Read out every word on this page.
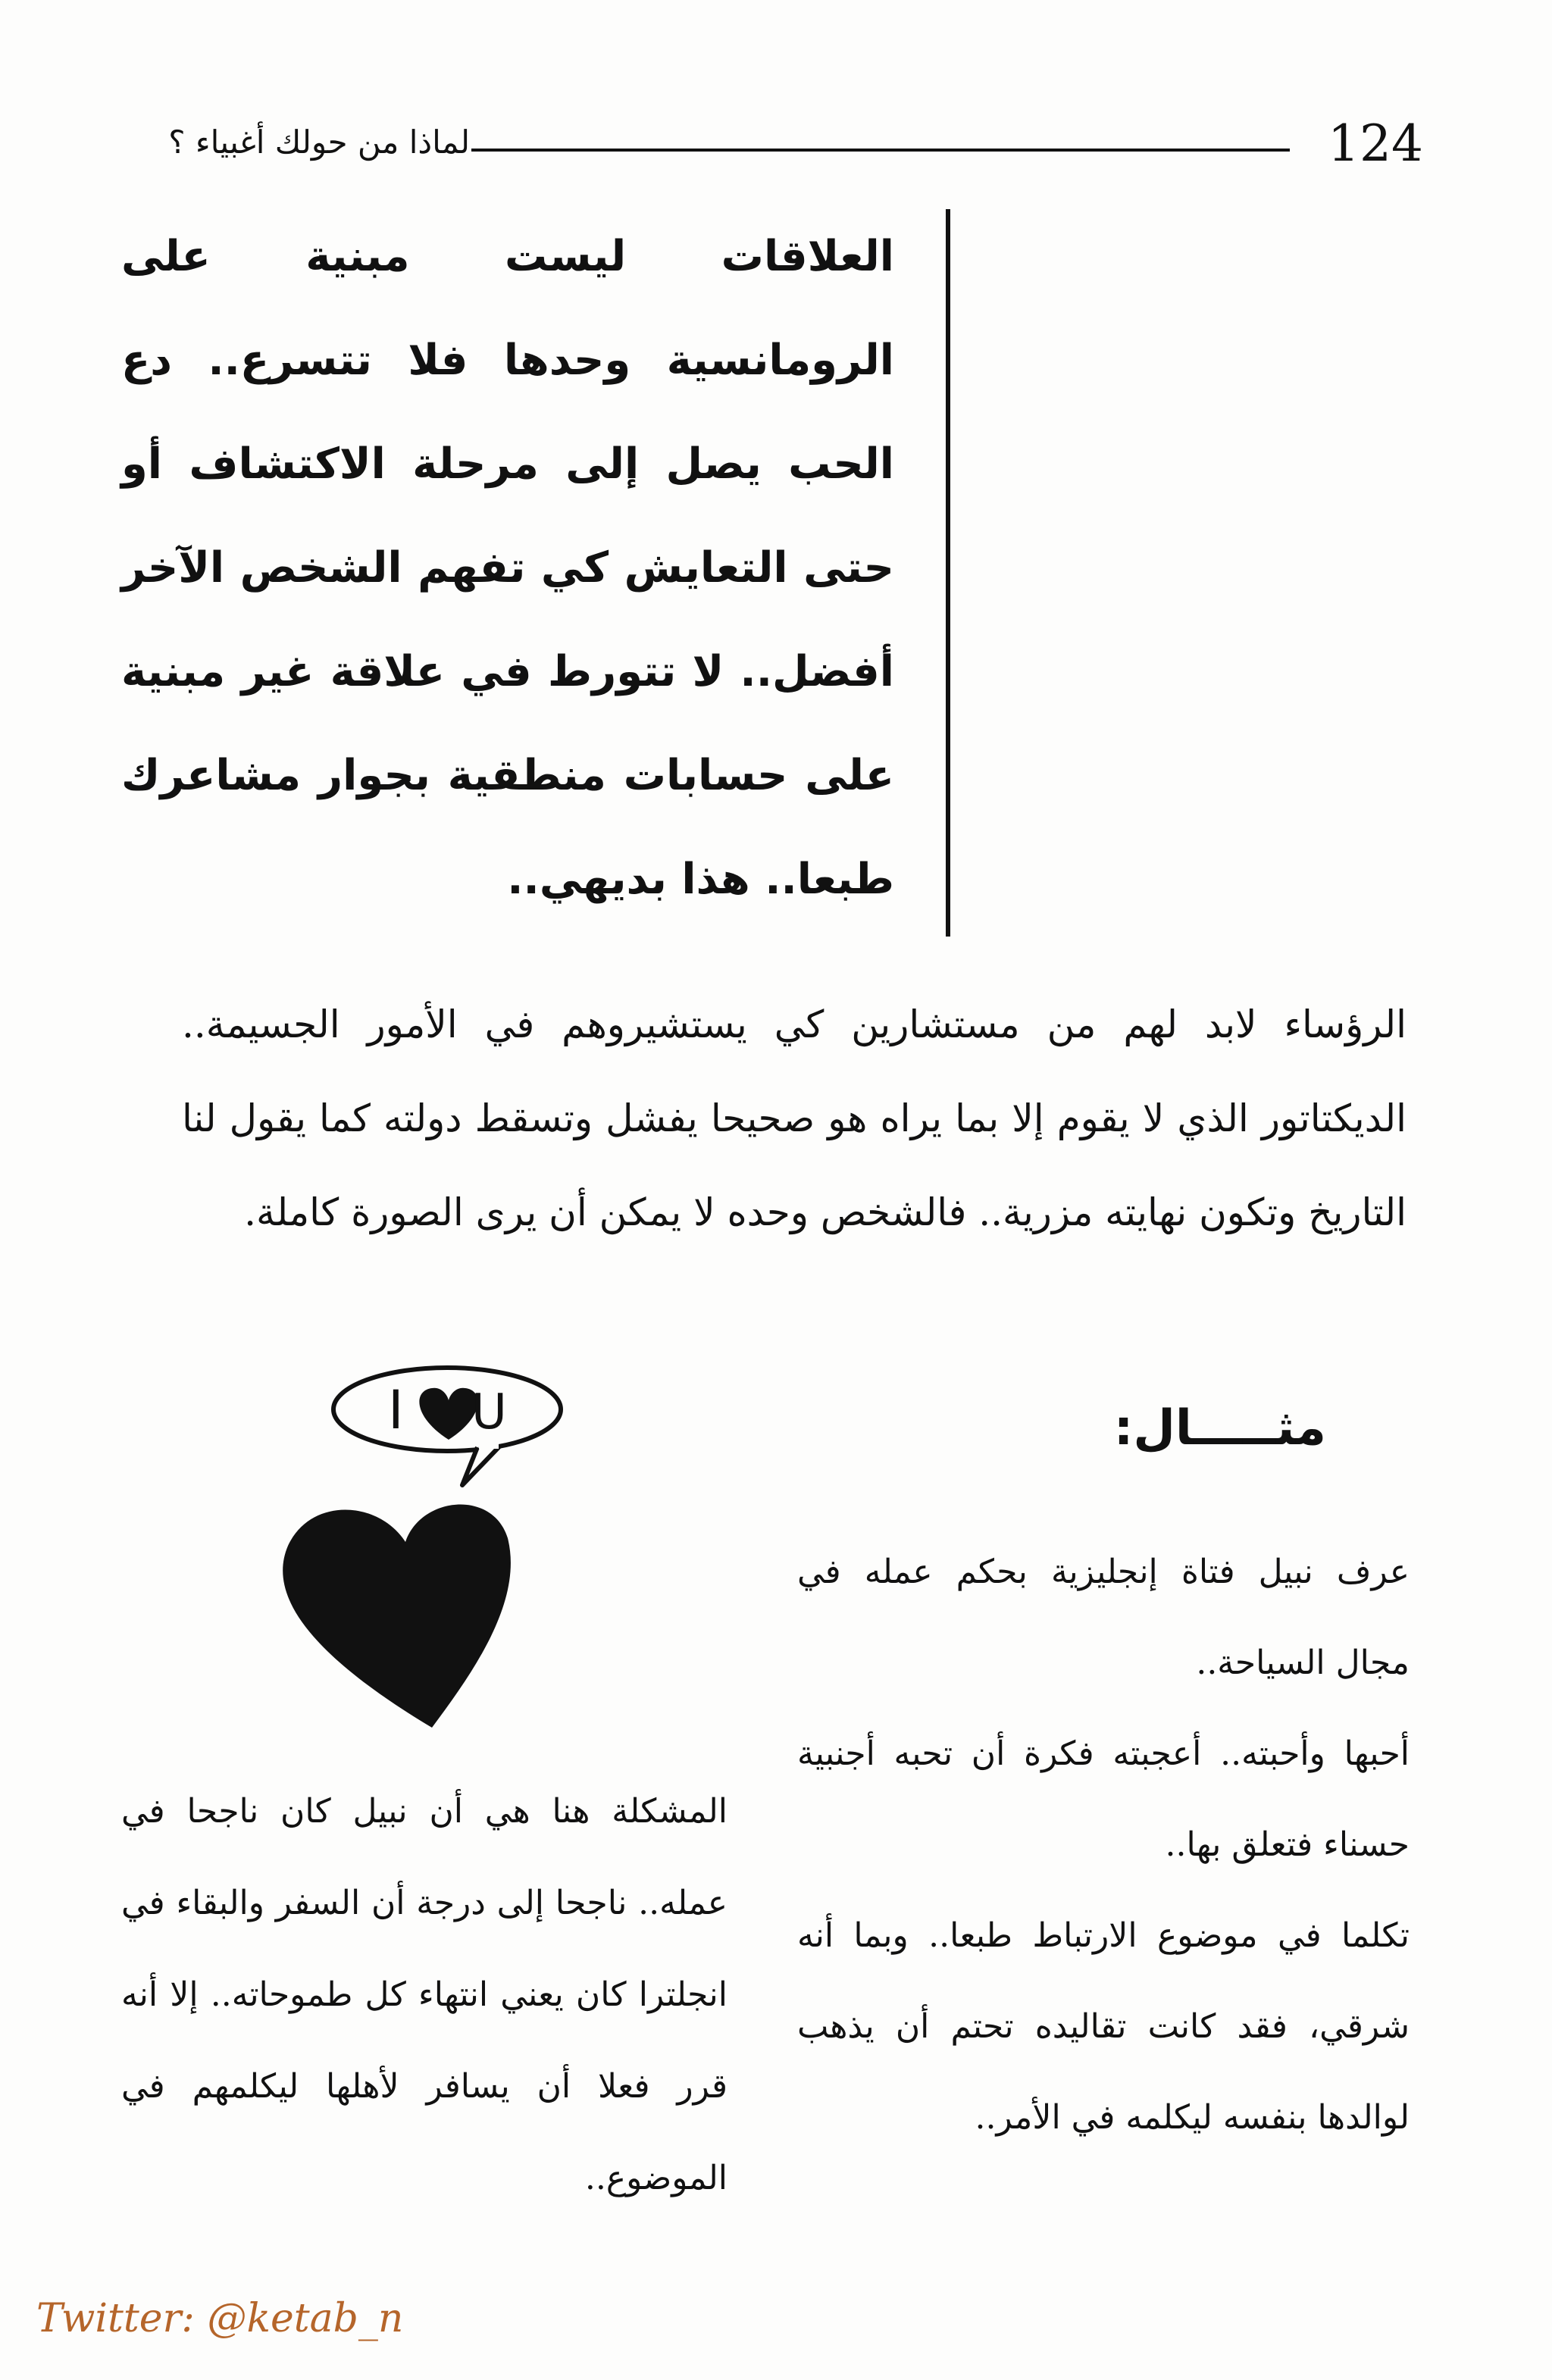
124
لماذا من حولك أغبياء ؟
العلاقات ليست مبنية على الرومانسية وحدها فلا تتسرع.. دع الحب يصل إلى مرحلة الاكتشاف أو حتى التعايش كي تفهم الشخص الآخر أفضل.. لا تتورط في علاقة غير مبنية على حسابات منطقية بجوار مشاعرك طبعا.. هذا بديهي..
الرؤساء لابد لهم من مستشارين كي يستشيروهم في الأمور الجسيمة.. الديكتاتور الذي لا يقوم إلا بما يراه هو صحيحا يفشل وتسقط دولته كما يقول لنا التاريخ وتكون نهايته مزرية.. فالشخص وحده لا يمكن أن يرى الصورة كاملة.
مثـــــال:

عرف نبيل فتاة إنجليزية بحكم عمله في مجال السياحة..

أحبها وأحبته.. أعجبته فكرة أن تحبه أجنبية حسناء فتعلق بها..

تكلما في موضوع الارتباط طبعا.. وبما أنه شرقي، فقد كانت تقاليده تحتم أن يذهب لوالدها بنفسه ليكلمه في الأمر..

I U

المشكلة هنا هي أن نبيل كان ناجحا في عمله.. ناجحا إلى درجة أن السفر والبقاء في انجلترا كان يعني انتهاء كل طموحاته.. إلا أنه قرر فعلا أن يسافر لأهلها ليكلمهم في الموضوع..

Twitter: @ketab_n
